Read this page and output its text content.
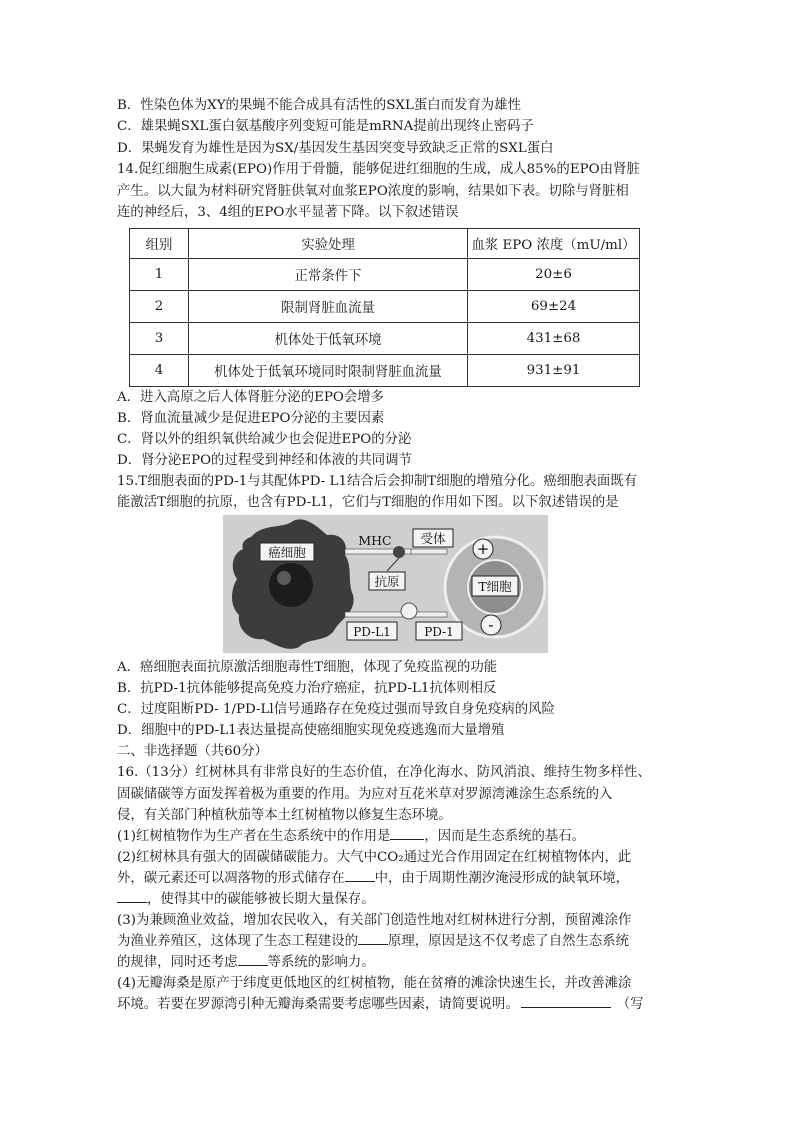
B．性染色体为XY的果蝇不能合成具有活性的SXL蛋白而发育为雄性
C．雄果蝇SXL蛋白氨基酸序列变短可能是mRNA提前出现终止密码子
D．果蝇发育为雄性是因为SX/基因发生基因突变导致缺乏正常的SXL蛋白
14.促红细胞生成素(EPO)作用于骨髓，能够促进红细胞的生成，成人85%的EPO由肾脏
产生。以大鼠为材料研究肾脏供氧对血浆EPO浓度的影响，结果如下表。切除与肾脏相
连的神经后，3、4组的EPO水平显著下降。以下叙述错误
组别	实验处理	血浆 EPO 浓度（mU/ml）
1	正常条件下	20±6
2	限制肾脏血流量	69±24
3	机体处于低氧环境	431±68
4	机体处于低氧环境同时限制肾脏血流量	931±91
A．进入高原之后人体肾脏分泌的EPO会增多
B．肾血流量减少是促进EPO分泌的主要因素
C．肾以外的组织氧供给减少也会促进EPO的分泌
D．肾分泌EPO的过程受到神经和体液的共同调节
15.T细胞表面的PD-1与其配体PD- L1结合后会抑制T细胞的增殖分化。癌细胞表面既有
能激活T细胞的抗原，也含有PD-L1，它们与T细胞的作用如下图。以下叙述错误的是
癌细胞
MHC 受体
抗原	T细胞
PD-L1	PD-1
+
-
A．癌细胞表面抗原激活细胞毒性T细胞，体现了免疫监视的功能
B．抗PD-1抗体能够提高免疫力治疗癌症，抗PD-L1抗体则相反
C．过度阻断PD- 1/PD-Ll信号通路存在免疫过强而导致自身免疫病的风险
D．细胞中的PD-L1表达量提高使癌细胞实现免疫逃逸而大量增殖
二、非选择题（共60分）
16.（13分）红树林具有非常良好的生态价值，在净化海水、防风消浪、维持生物多样性、
固碳储碳等方面发挥着极为重要的作用。为应对互花米草对罗源湾滩涂生态系统的入
侵，有关部门种植秋茄等本土红树植物以修复生态环境。
(1)红树植物作为生产者在生态系统中的作用是	，因而是生态系统的基石。
(2)红树林具有强大的固碳储碳能力。大气中CO₂通过光合作用固定在红树植物体内，此
外，碳元素还可以凋落物的形式储存在 中，由于周期性潮汐淹浸形成的缺氧环境，
，使得其中的碳能够被长期大量保存。
(3)为兼顾渔业效益，增加农民收入，有关部门创造性地对红树林进行分割，预留滩涂作
为渔业养殖区，这体现了生态工程建设的 原理，原因是这不仅考虑了自然生态系统
的规律，同时还考虑 等系统的影响力。
(4)无瓣海桑是原产于纬度更低地区的红树植物，能在贫瘠的滩涂快速生长，并改善滩涂
环境。若要在罗源湾引种无瓣海桑需要考虑哪些因素，请简要说明。	（写
